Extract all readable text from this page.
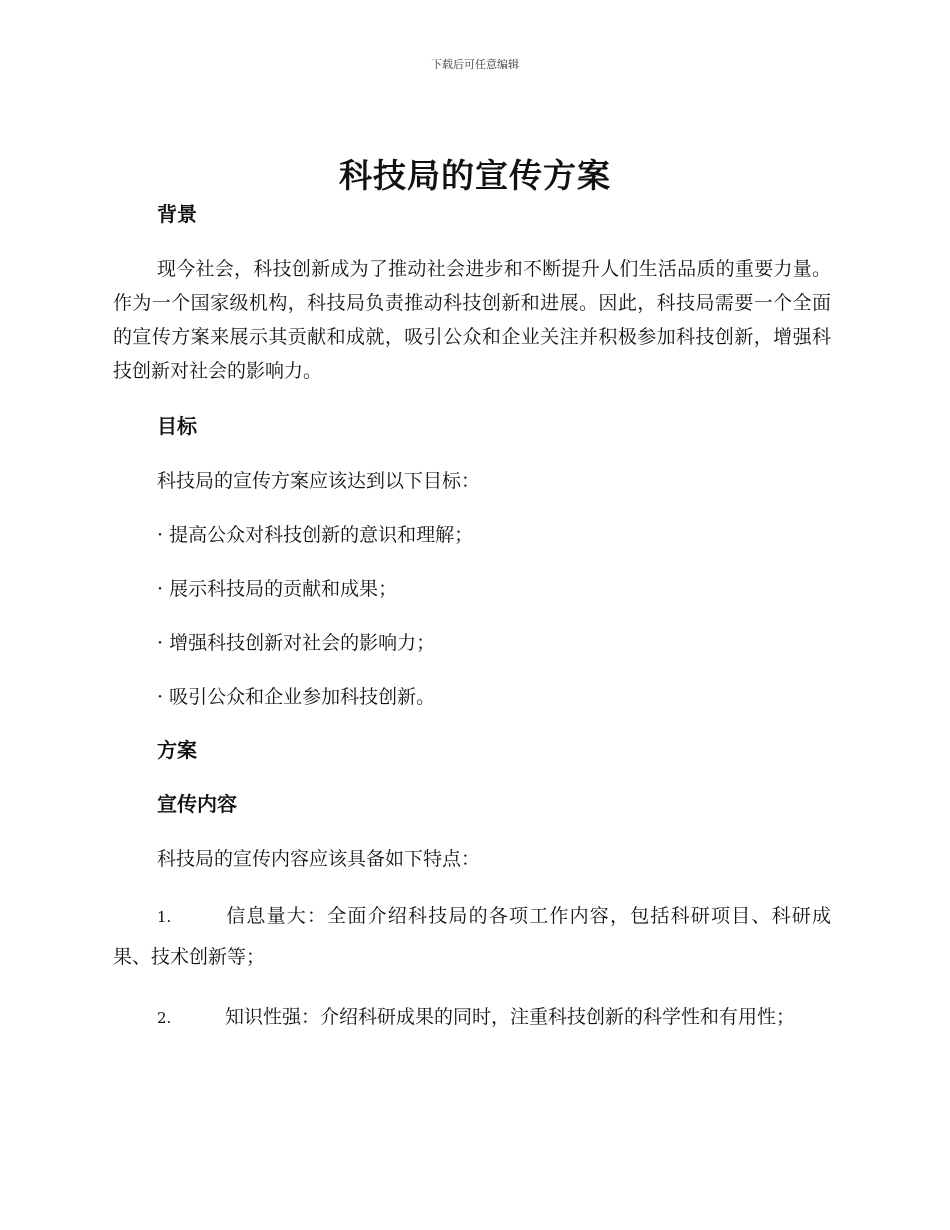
下载后可任意编辑
科技局的宣传方案

背景

现今社会，科技创新成为了推动社会进步和不断提升人们生活品质的重要力量。作为一个国家级机构，科技局负责推动科技创新和进展。因此，科技局需要一个全面的宣传方案来展示其贡献和成就，吸引公众和企业关注并积极参加科技创新，增强科技创新对社会的影响力。

目标

科技局的宣传方案应该达到以下目标：

· 提高公众对科技创新的意识和理解；

· 展示科技局的贡献和成果；

· 增强科技创新对社会的影响力；

· 吸引公众和企业参加科技创新。

方案

宣传内容

科技局的宣传内容应该具备如下特点：

1.	信息量大：全面介绍科技局的各项工作内容，包括科研项目、科研成果、技术创新等；

2.	知识性强：介绍科研成果的同时，注重科技创新的科学性和有用性；
